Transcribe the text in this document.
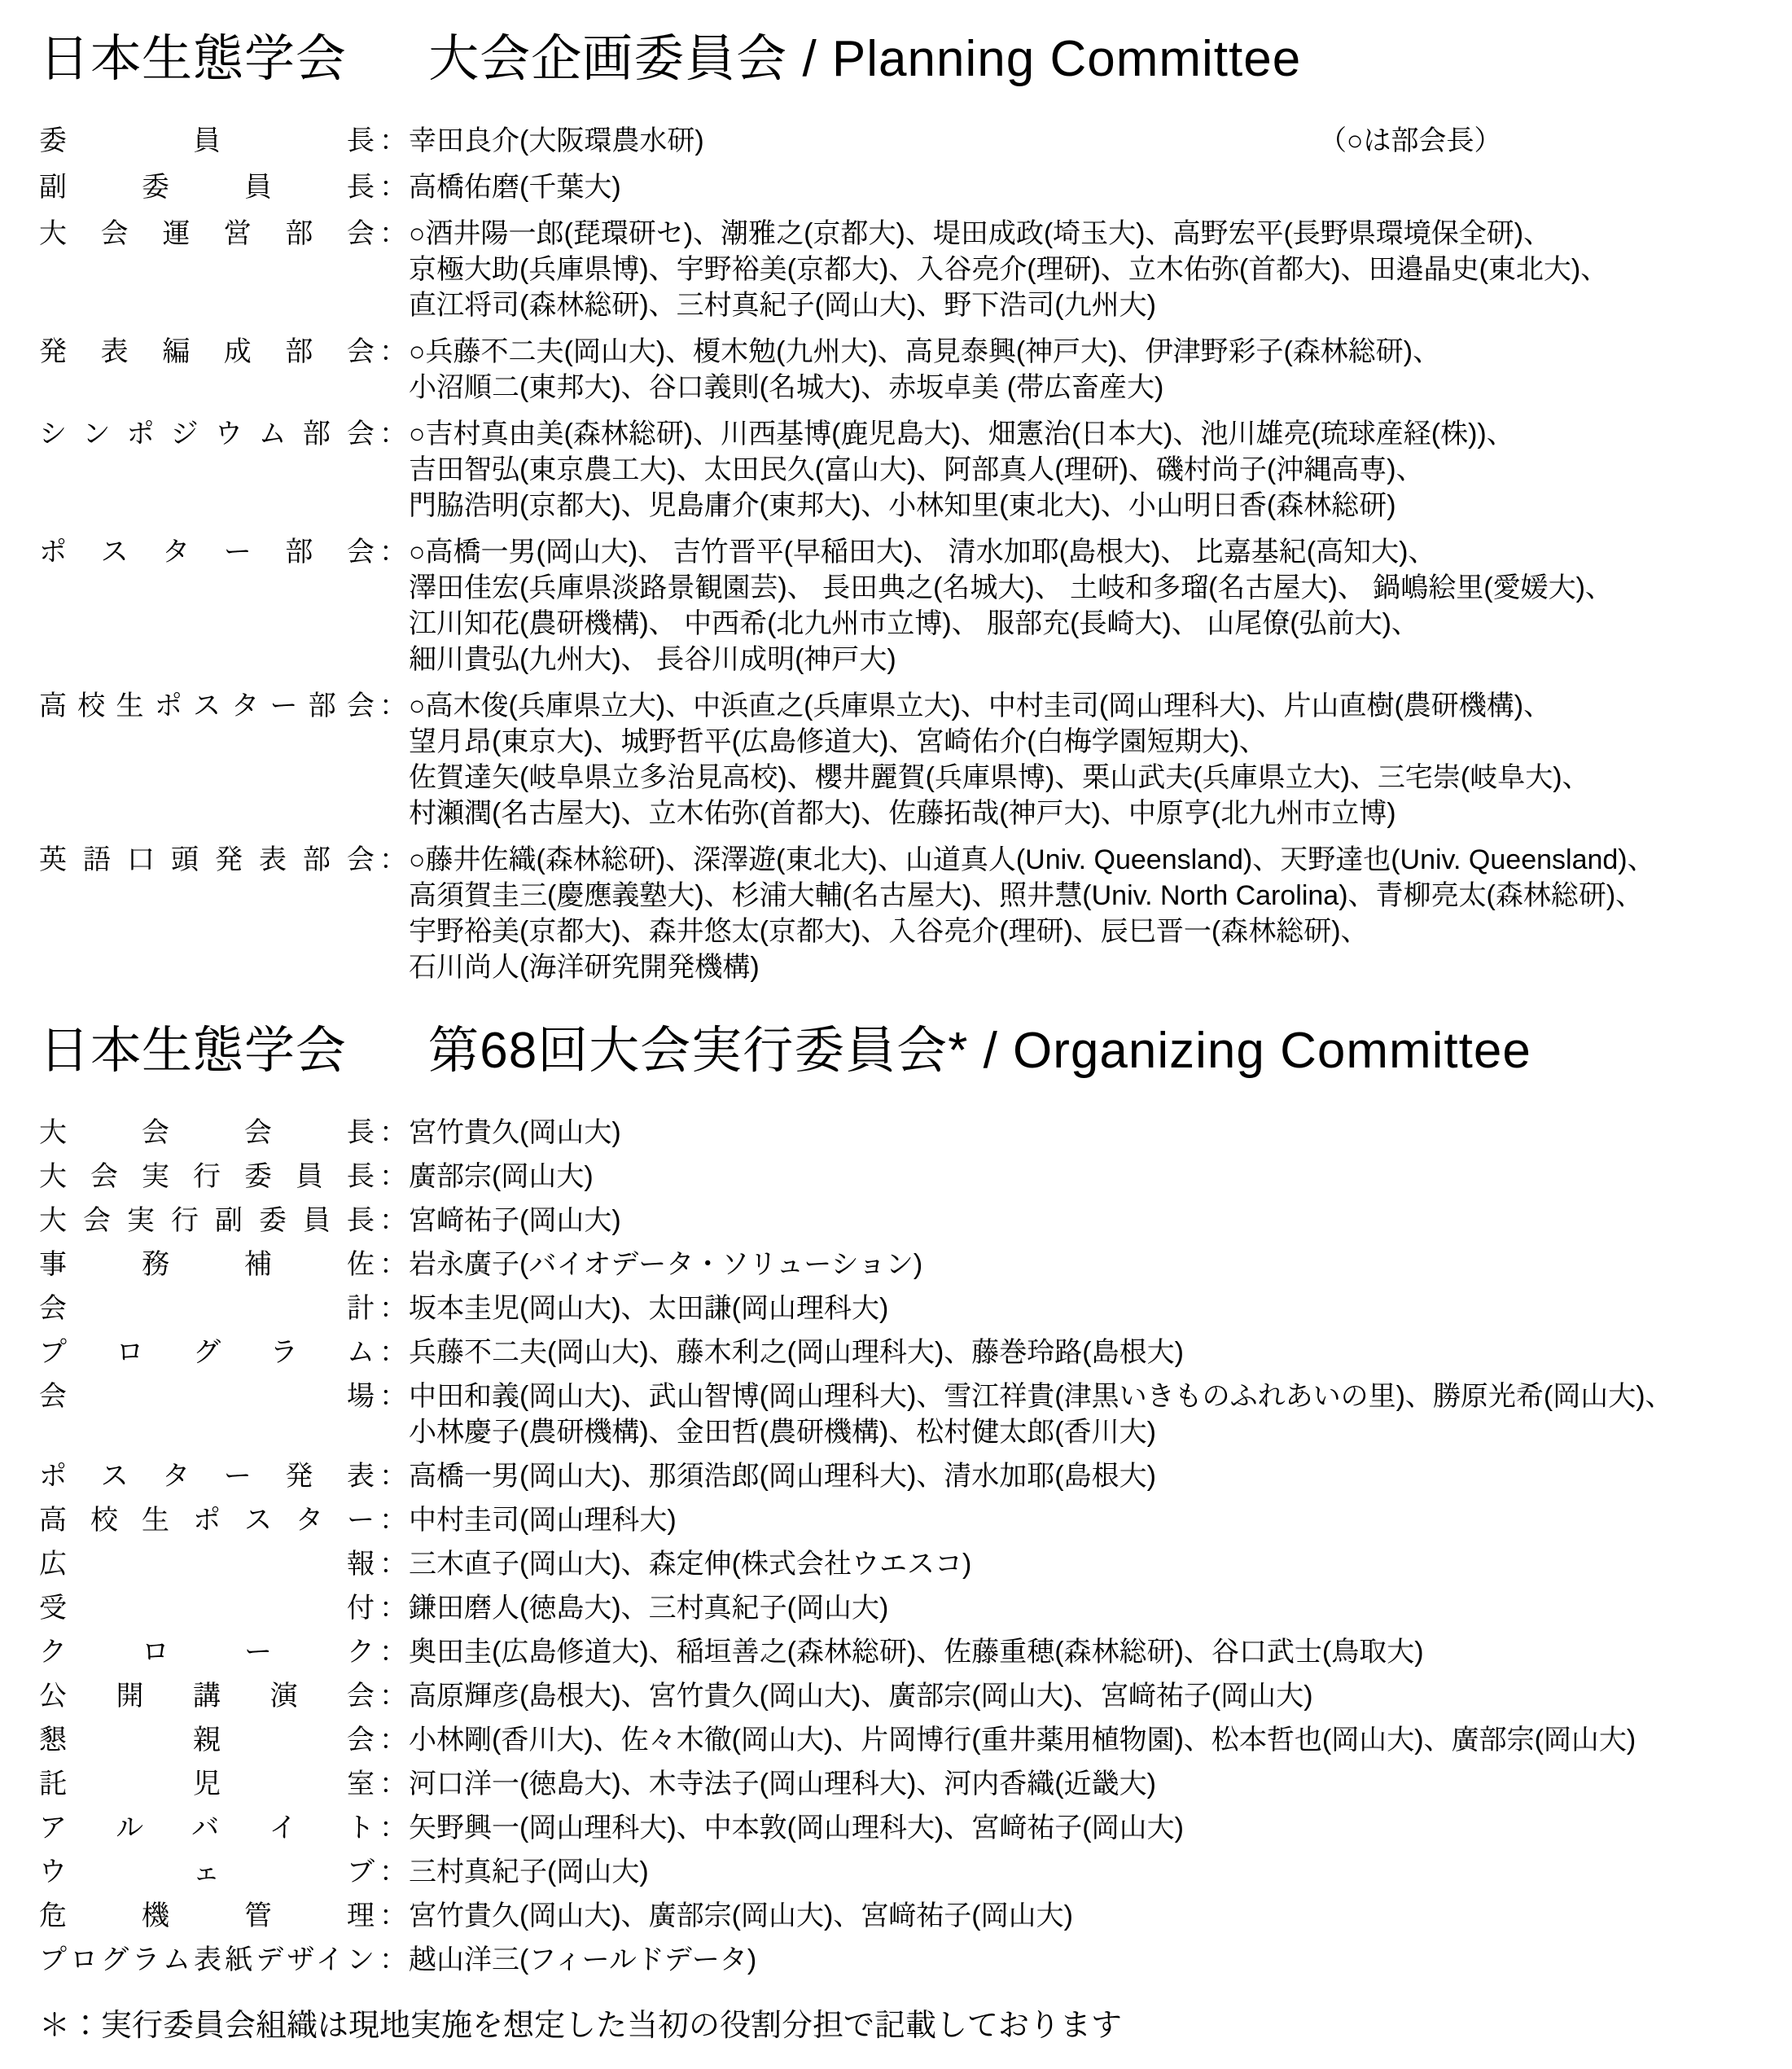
日本生態学会 大会企画委員会 / Planning Committee
委員長 ： 幸田良介(大阪環農水研)	（○は部会長）
副委員長 ： 高橋佑磨(千葉大)
大会運営部会 ： ○酒井陽一郎(琵環研セ)、潮雅之(京都大)、堤田成政(埼玉大)、高野宏平(長野県環境保全研)、
京極大助(兵庫県博)、宇野裕美(京都大)、入谷亮介(理研)、立木佑弥(首都大)、田邉晶史(東北大)、
直江将司(森林総研)、三村真紀子(岡山大)、野下浩司(九州大)
発表編成部会 ： ○兵藤不二夫(岡山大)、榎木勉(九州大)、高見泰興(神戸大)、伊津野彩子(森林総研)、
小沼順二(東邦大)、谷口義則(名城大)、赤坂卓美 (帯広畜産大)
シンポジウム部会 ： ○吉村真由美(森林総研)、川西基博(鹿児島大)、畑憲治(日本大)、池川雄亮(琉球産経(株))、
吉田智弘(東京農工大)、太田民久(富山大)、阿部真人(理研)、磯村尚子(沖縄高専)、
門脇浩明(京都大)、児島庸介(東邦大)、小林知里(東北大)、小山明日香(森林総研)
ポスター部会 ： ○高橋一男(岡山大)、 吉竹晋平(早稲田大)、 清水加耶(島根大)、 比嘉基紀(高知大)、
澤田佳宏(兵庫県淡路景観園芸)、 長田典之(名城大)、 土岐和多瑠(名古屋大)、 鍋嶋絵里(愛媛大)、
江川知花(農研機構)、 中西希(北九州市立博)、 服部充(長崎大)、 山尾僚(弘前大)、
細川貴弘(九州大)、 長谷川成明(神戸大)
高校生ポスター部会 ： ○高木俊(兵庫県立大)、中浜直之(兵庫県立大)、中村圭司(岡山理科大)、片山直樹(農研機構)、
望月昂(東京大)、城野哲平(広島修道大)、宮崎佑介(白梅学園短期大)、
佐賀達矢(岐阜県立多治見高校)、櫻井麗賀(兵庫県博)、栗山武夫(兵庫県立大)、三宅崇(岐阜大)、
村瀬潤(名古屋大)、立木佑弥(首都大)、佐藤拓哉(神戸大)、中原亨(北九州市立博)
英語口頭発表部会 ： ○藤井佐織(森林総研)、深澤遊(東北大)、山道真人(Univ. Queensland)、天野達也(Univ. Queensland)、
高須賀圭三(慶應義塾大)、杉浦大輔(名古屋大)、照井慧(Univ. North Carolina)、青柳亮太(森林総研)、
宇野裕美(京都大)、森井悠太(京都大)、入谷亮介(理研)、辰巳晋一(森林総研)、
石川尚人(海洋研究開発機構)
日本生態学会 第68回大会実行委員会* / Organizing Committee
大会会長 ： 宮竹貴久(岡山大)
大会実行委員長 ： 廣部宗(岡山大)
大会実行副委員長 ： 宮﨑祐子(岡山大)
事務補佐 ： 岩永廣子(バイオデータ・ソリューション)
会計 ： 坂本圭児(岡山大)、太田謙(岡山理科大)
プログラム ： 兵藤不二夫(岡山大)、藤木利之(岡山理科大)、藤巻玲路(島根大)
会場 ： 中田和義(岡山大)、武山智博(岡山理科大)、雪江祥貴(津黒いきものふれあいの里)、勝原光希(岡山大)、
小林慶子(農研機構)、金田哲(農研機構)、松村健太郎(香川大)
ポスター発表 ： 高橋一男(岡山大)、那須浩郎(岡山理科大)、清水加耶(島根大)
高校生ポスター ： 中村圭司(岡山理科大)
広報 ： 三木直子(岡山大)、森定伸(株式会社ウエスコ)
受付 ： 鎌田磨人(徳島大)、三村真紀子(岡山大)
クローク ： 奥田圭(広島修道大)、稲垣善之(森林総研)、佐藤重穂(森林総研)、谷口武士(鳥取大)
公開講演会 ： 高原輝彦(島根大)、宮竹貴久(岡山大)、廣部宗(岡山大)、宮﨑祐子(岡山大)
懇親会 ： 小林剛(香川大)、佐々木徹(岡山大)、片岡博行(重井薬用植物園)、松本哲也(岡山大)、廣部宗(岡山大)
託児室 ： 河口洋一(徳島大)、木寺法子(岡山理科大)、河内香織(近畿大)
アルバイト ： 矢野興一(岡山理科大)、中本敦(岡山理科大)、宮﨑祐子(岡山大)
ウェブ ： 三村真紀子(岡山大)
危機管理 ： 宮竹貴久(岡山大)、廣部宗(岡山大)、宮﨑祐子(岡山大)
プログラム表紙デザイン ： 越山洋三(フィールドデータ)
＊：実行委員会組織は現地実施を想定した当初の役割分担で記載しております
